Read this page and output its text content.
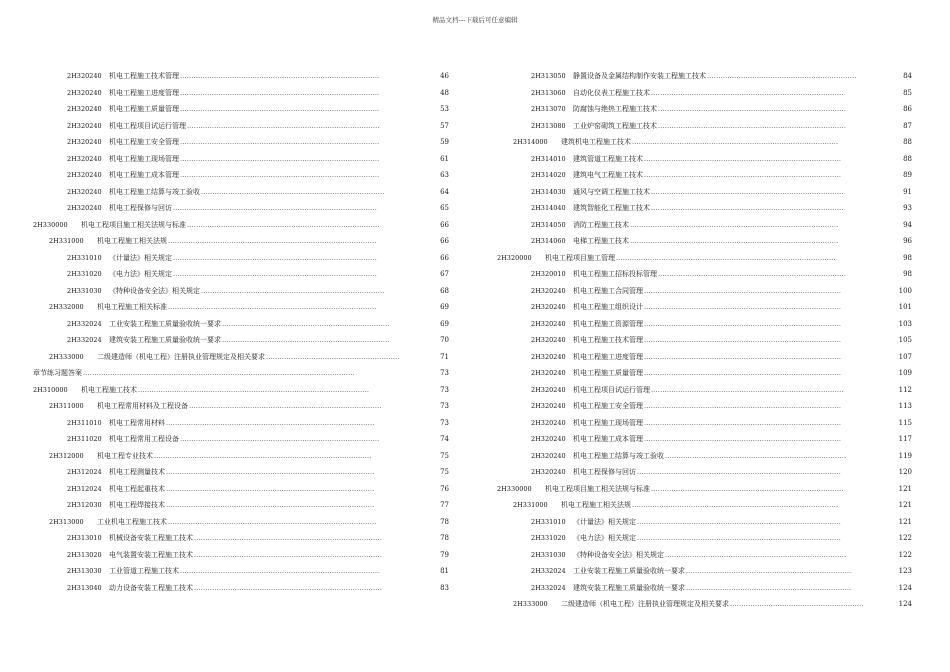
精品文档---下载后可任意编辑
2H320240 机电工程施工技术管理 ........................................................................................	46
2H320240 机电工程施工进度管理 ........................................................................................	48
2H320240 机电工程施工质量管理 ........................................................................................	53
2H320240 机电工程项目试运行管理 .....................................................................................	57
2H320240 机电工程施工安全管理 ........................................................................................	59
2H320240 机电工程施工现场管理 ........................................................................................	61
2H320240 机电工程施工成本管理 ........................................................................................	63
2H320240 机电工程施工结算与竣工验收 .................................................................................	64
2H320240 机电工程保修与回访 ..........................................................................................	65
2H330000 机电工程项目施工相关法规与标准 .....................................................................................	66
2H331000 机电工程施工相关法规 ............................................................................................	66
2H331010 《计量法》相关规定 ..........................................................................................	66
2H331020 《电力法》相关规定 ..........................................................................................	67
2H331030 《特种设备安全法》相关规定 .................................................................................	68
2H332000 机电工程施工相关标准 ............................................................................................	69
2H332024 工业安装工程施工质量验收统一要求 ..........................................................................	69
2H332024 建筑安装工程施工质量验收统一要求 ..........................................................................	70
2H333000 二级建造师（机电工程）注册执业管理规定及相关要求 ...........................................................	71
章节练习题答案 ........................................................................................................................	73
2H310000 机电工程施工技术 ......................................................................................................	73
2H311000 机电工程常用材料及工程设备 .....................................................................................	73
2H311010 机电工程常用材料 ............................................................................................	73
2H311020 机电工程常用工程设备 ........................................................................................	74
2H312000 机电工程专业技术 ................................................................................................	75
2H312024 机电工程测量技术 ............................................................................................	75
2H312024 机电工程起重技术 ............................................................................................	76
2H312030 机电工程焊接技术 ............................................................................................	77
2H313000 工业机电工程施工技术 ............................................................................................	78
2H313010 机械设备安装工程施工技术 ...................................................................................	78
2H313020 电气装置安装工程施工技术 ...................................................................................	79
2H313030 工业管道工程施工技术 ........................................................................................	81
2H313040 动力设备安装工程施工技术 ...................................................................................	83
2H313050 静置设备及金属结构制作安装工程施工技术 ..................................................................	84
2H313060 自动化仪表工程施工技术 .....................................................................................	85
2H313070 防腐蚀与绝热工程施工技术 ...................................................................................	86
2H313080 工业炉窑砌筑工程施工技术 ...................................................................................	87
2H314000 建筑机电工程施工技术 ...........................................................................................	88
2H314010 建筑管道工程施工技术 .......................................................................................	88
2H314020 建筑电气工程施工技术 .......................................................................................	89
2H314030 通风与空调工程施工技术 .....................................................................................	91
2H314040 建筑智能化工程施工技术 .....................................................................................	93
2H314050 消防工程施工技术 ............................................................................................	94
2H314060 电梯工程施工技术 ............................................................................................	96
2H320000 机电工程项目施工管理 .................................................................................................	98
2H320010 机电工程施工招标投标管理 ...................................................................................	98
2H320240 机电工程施工合同管理 .......................................................................................	100
2H320240 机电工程施工组织设计 .......................................................................................	101
2H320240 机电工程施工资源管理 .......................................................................................	103
2H320240 机电工程施工技术管理 .......................................................................................	105
2H320240 机电工程施工进度管理 .......................................................................................	107
2H320240 机电工程施工质量管理 .......................................................................................	109
2H320240 机电工程项目试运行管理 .....................................................................................	112
2H320240 机电工程施工安全管理 .......................................................................................	113
2H320240 机电工程施工现场管理 .......................................................................................	115
2H320240 机电工程施工成本管理 .......................................................................................	117
2H320240 机电工程施工结算与竣工验收 ................................................................................	119
2H320240 机电工程保修与回访 ..........................................................................................	120
2H330000 机电工程项目施工相关法规与标准 .....................................................................................	121
2H331000 机电工程施工相关法规 ...........................................................................................	121
2H331010 《计量法》相关规定 ..........................................................................................	121
2H331020 《电力法》相关规定 ..........................................................................................	122
2H331030 《特种设备安全法》相关规定 ................................................................................	122
2H332024 工业安装工程施工质量验收统一要求 .........................................................................	123
2H332024 建筑安装工程施工质量验收统一要求 .........................................................................	124
2H333000 二级建造师（机电工程）注册执业管理规定及相关要求 ...........................................................	124
